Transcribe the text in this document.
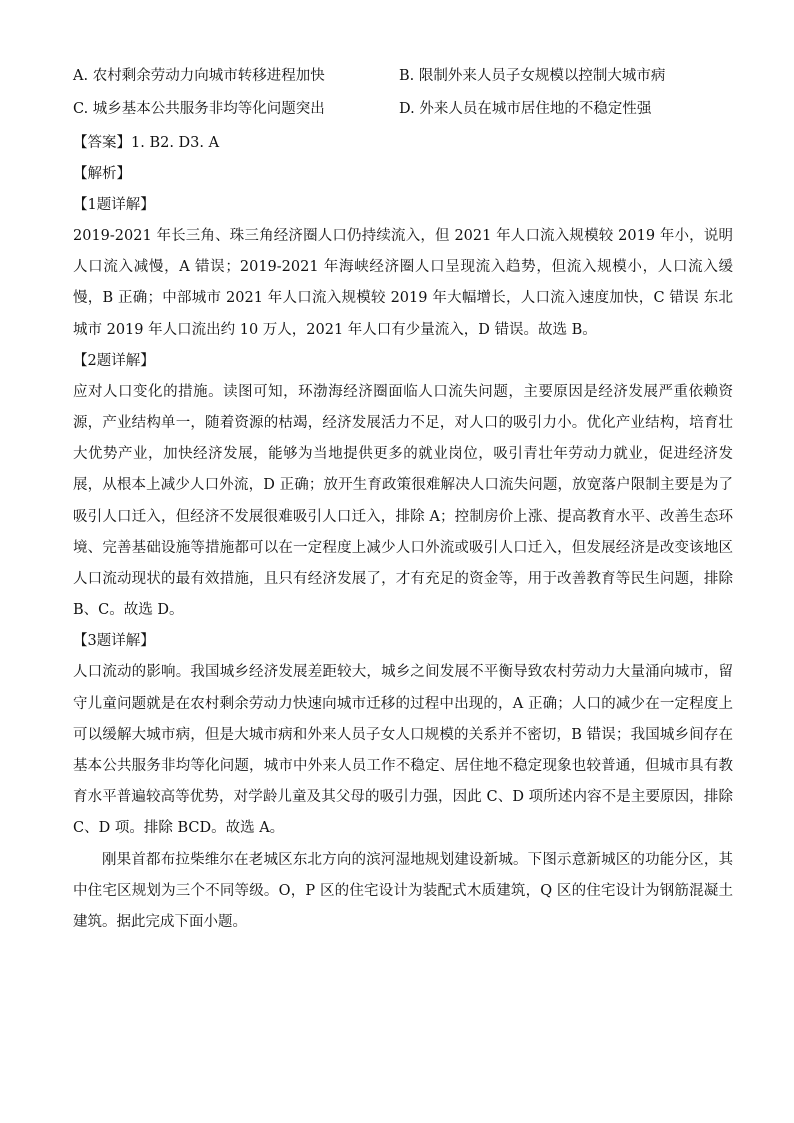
A. 农村剩余劳动力向城市转移进程加快	B. 限制外来人员子女规模以控制大城市病
C. 城乡基本公共服务非均等化问题突出	D. 外来人员在城市居住地的不稳定性强
【答案】1. B2. D3. A
【解析】
【1题详解】

2019-2021 年长三角、珠三角经济圈人口仍持续流入，但 2021 年人口流入规模较 2019 年小，说明人口流入减慢，A 错误；2019-2021 年海峡经济圈人口呈现流入趋势，但流入规模小，人口流入缓慢，B 正确；中部城市 2021 年人口流入规模较 2019 年大幅增长，人口流入速度加快，C 错误 东北城市 2019 年人口流出约 10 万人，2021 年人口有少量流入，D 错误。故选 B。

【2题详解】

应对人口变化的措施。读图可知，环渤海经济圈面临人口流失问题，主要原因是经济发展严重依赖资源，产业结构单一，随着资源的枯竭，经济发展活力不足，对人口的吸引力小。优化产业结构，培育壮大优势产业，加快经济发展，能够为当地提供更多的就业岗位，吸引青壮年劳动力就业，促进经济发展，从根本上减少人口外流，D 正确；放开生育政策很难解决人口流失问题，放宽落户限制主要是为了吸引人口迁入，但经济不发展很难吸引人口迁入，排除 A；控制房价上涨、提高教育水平、改善生态环境、完善基础设施等措施都可以在一定程度上减少人口外流或吸引人口迁入，但发展经济是改变该地区人口流动现状的最有效措施，且只有经济发展了，才有充足的资金等，用于改善教育等民生问题，排除 B、C。故选 D。

【3题详解】

人口流动的影响。我国城乡经济发展差距较大，城乡之间发展不平衡导致农村劳动力大量涌向城市，留守儿童问题就是在农村剩余劳动力快速向城市迁移的过程中出现的，A 正确；人口的减少在一定程度上可以缓解大城市病，但是大城市病和外来人员子女人口规模的关系并不密切，B 错误；我国城乡间存在基本公共服务非均等化问题，城市中外来人员工作不稳定、居住地不稳定现象也较普通，但城市具有教育水平普遍较高等优势，对学龄儿童及其父母的吸引力强，因此 C、D 项所述内容不是主要原因，排除 C、D 项。排除 BCD。故选 A。

刚果首都布拉柴维尔在老城区东北方向的滨河湿地规划建设新城。下图示意新城区的功能分区，其中住宅区规划为三个不同等级。O，P 区的住宅设计为装配式木质建筑，Q 区的住宅设计为钢筋混凝土建筑。据此完成下面小题。
